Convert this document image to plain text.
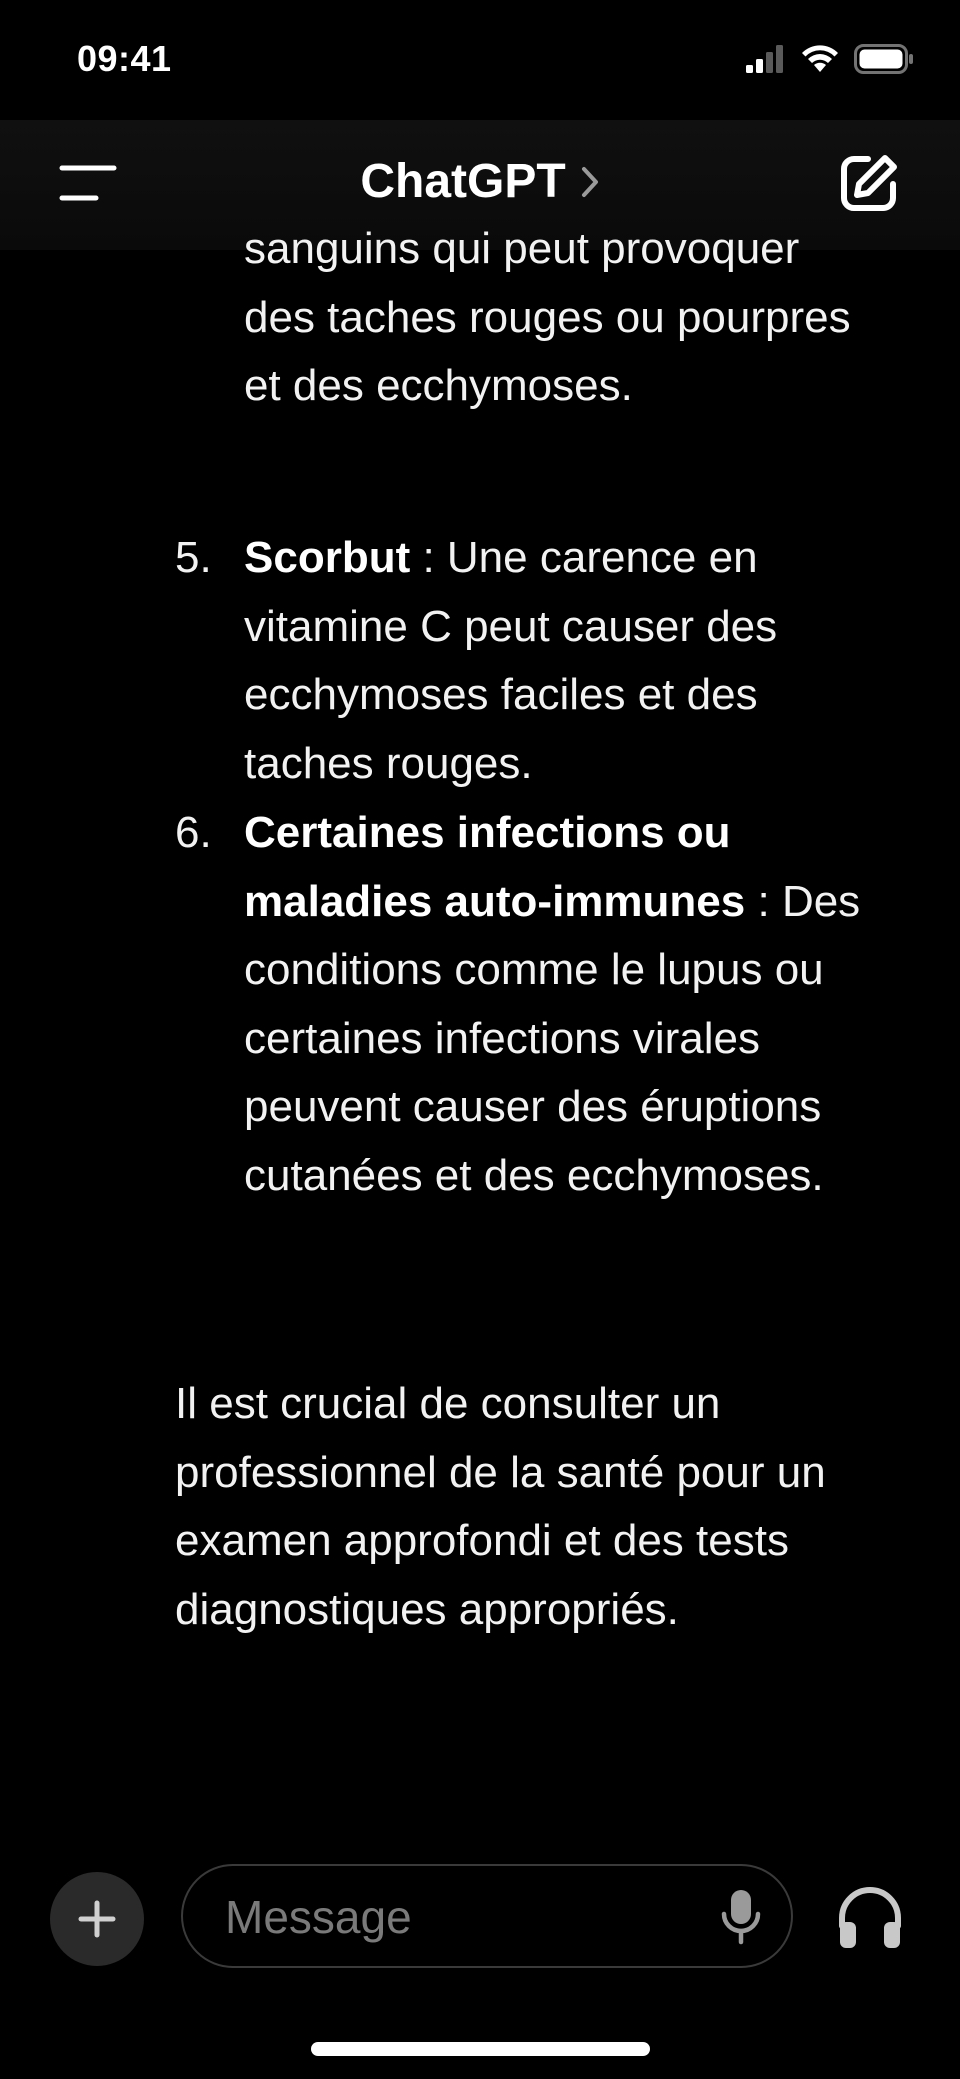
09:41
ChatGPT
sanguins qui peut provoquer des taches rouges ou pourpres et des ecchymoses.
5. Scorbut : Une carence en vitamine C peut causer des ecchymoses faciles et des taches rouges.
6. Certaines infections ou maladies auto-immunes : Des conditions comme le lupus ou certaines infections virales peuvent causer des éruptions cutanées et des ecchymoses.
Il est crucial de consulter un professionnel de la santé pour un examen approfondi et des tests diagnostiques appropriés.
Message
